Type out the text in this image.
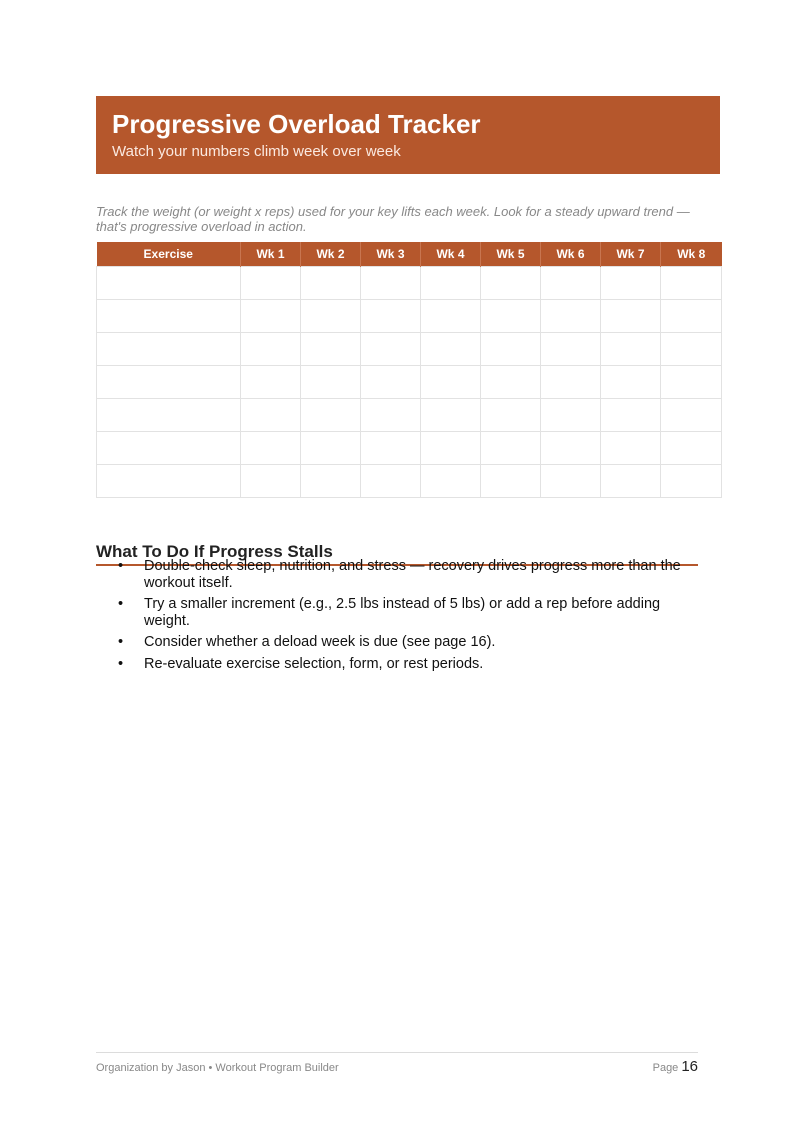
Progressive Overload Tracker
Watch your numbers climb week over week
Track the weight (or weight x reps) used for your key lifts each week. Look for a steady upward trend — that's progressive overload in action.
Exercise	Wk 1	Wk 2	Wk 3	Wk 4	Wk 5	Wk 6	Wk 7	Wk 8

What To Do If Progress Stalls
• Double-check sleep, nutrition, and stress — recovery drives progress more than the workout itself.
• Try a smaller increment (e.g., 2.5 lbs instead of 5 lbs) or add a rep before adding weight.
• Consider whether a deload week is due (see page 16).
• Re-evaluate exercise selection, form, or rest periods.
Organization by Jason • Workout Program Builder	Page 16
